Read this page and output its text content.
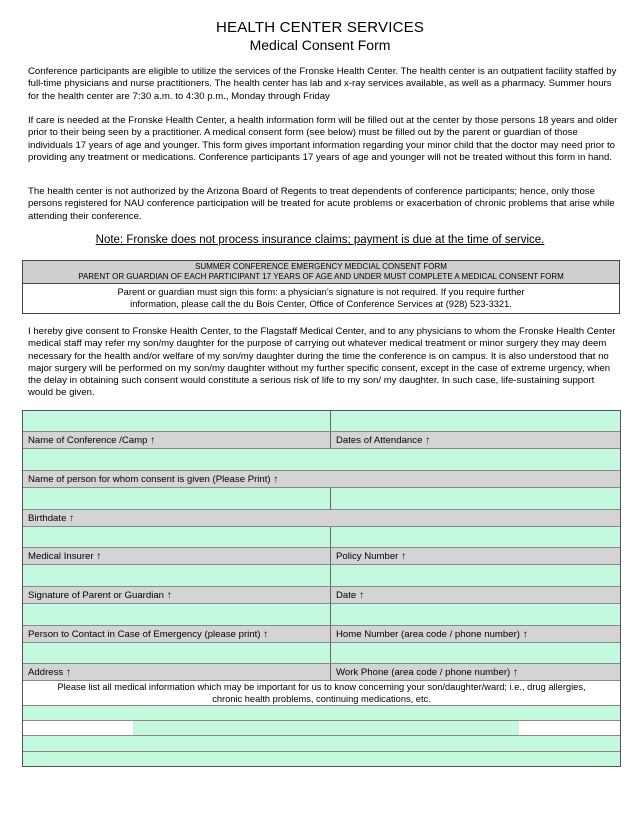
HEALTH CENTER SERVICES
Medical Consent Form
Conference participants are eligible to utilize the services of the Fronske Health Center. The health center is an outpatient facility staffed by full-time physicians and nurse practitioners. The health center has lab and x-ray services available, as well as a pharmacy. Summer hours for the health center are 7:30 a.m. to 4:30 p.m., Monday through Friday
If care is needed at the Fronske Health Center, a health information form will be filled out at the center by those persons 18 years and older prior to their being seen by a practitioner. A medical consent form (see below) must be filled out by the parent or guardian of those individuals 17 years of age and younger. This form gives important information regarding your minor child that the doctor may need prior to providing any treatment or medications. Conference participants 17 years of age and younger will not be treated without this form in hand.
The health center is not authorized by the Arizona Board of Regents to treat dependents of conference participants; hence, only those persons registered for NAU conference participation will be treated for acute problems or exacerbation of chronic problems that arise while attending their conference.
Note: Fronske does not process insurance claims; payment is due at the time of service.
SUMMER CONFERENCE EMERGENCY MEDCIAL CONSENT FORM
PARENT OR GUARDIAN OF EACH PARTICIPANT 17 YEARS OF AGE AND UNDER MUST COMPLETE A MEDICAL CONSENT FORM
Parent or guardian must sign this form: a physician’s signature is not required. If you require further
information, please call the du Bois Center, Office of Conference Services at (928) 523-3321.
I hereby give consent to Fronske Health Center, to the Flagstaff Medical Center, and to any physicians to whom the Fronske Health Center medical staff may refer my son/my daughter for the purpose of carrying out whatever medical treatment or minor surgery they may deem necessary for the health and/or welfare of my son/my daughter during the time the conference is on campus. It is also understood that no major surgery will be performed on my son/my daughter without my further specific consent, except in the case of extreme urgency, when the delay in obtaining such consent would constitute a serious risk of life to my son/ my daughter. In such case, life-sustaining support would be given.
Name of Conference /Camp ↑	Dates of Attendance ↑
Name of person for whom consent is given (Please Print) ↑
Birthdate ↑
Medical Insurer ↑	Policy Number ↑
Signature of Parent or Guardian ↑	Date ↑
Person to Contact in Case of Emergency (please print) ↑	Home Number (area code / phone number) ↑
Address ↑	Work Phone (area code / phone number) ↑
Please list all medical information which may be important for us to know concerning your son/daughter/ward; i.e., drug allergies, chronic health problems, continuing medications, etc.
